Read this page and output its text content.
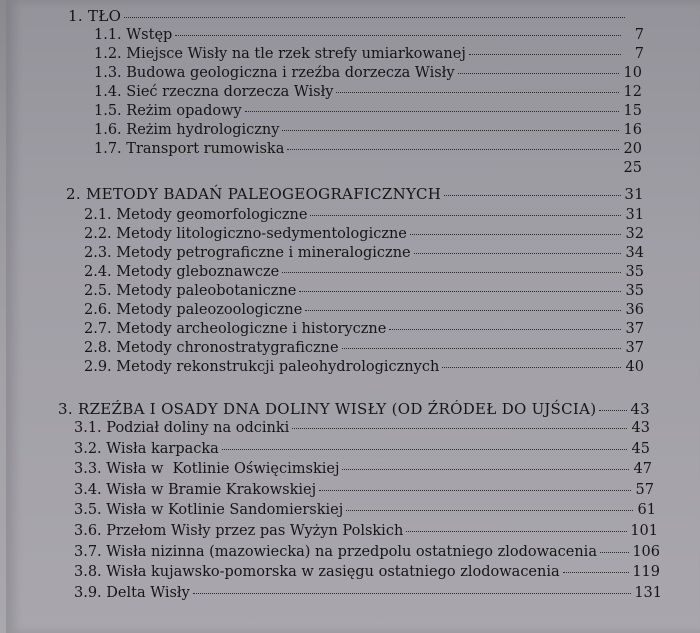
1. TŁO
1.1. Wstęp	7
1.2. Miejsce Wisły na tle rzek strefy umiarkowanej	7
1.3. Budowa geologiczna i rzeźba dorzecza Wisły	10
1.4. Sieć rzeczna dorzecza Wisły	12
1.5. Reżim opadowy	15
1.6. Reżim hydrologiczny	16
1.7. Transport rumowiska	20
25
2. METODY BADAŃ PALEOGEOGRAFICZNYCH	31
2.1. Metody geomorfologiczne	31
2.2. Metody litologiczno-sedymentologiczne	32
2.3. Metody petrograficzne i mineralogiczne	34
2.4. Metody gleboznawcze	35
2.5. Metody paleobotaniczne	35
2.6. Metody paleozoologiczne	36
2.7. Metody archeologiczne i historyczne	37
2.8. Metody chronostratygraficzne	37
2.9. Metody rekonstrukcji paleohydrologicznych	40
3. RZEŹBA I OSADY DNA DOLINY WISŁY (OD ŹRÓDEŁ DO UJŚCIA) 43
3.1. Podział doliny na odcinki	43
3.2. Wisła karpacka	45
3.3. Wisła w  Kotlinie Oświęcimskiej	47
3.4. Wisła w Bramie Krakowskiej	57
3.5. Wisła w Kotlinie Sandomierskiej	61
3.6. Przełom Wisły przez pas Wyżyn Polskich	101
3.7. Wisła nizinna (mazowiecka) na przedpolu ostatniego zlodowacenia 106
3.8. Wisła kujawsko-pomorska w zasięgu ostatniego zlodowacenia	119
3.9. Delta Wisły	131
